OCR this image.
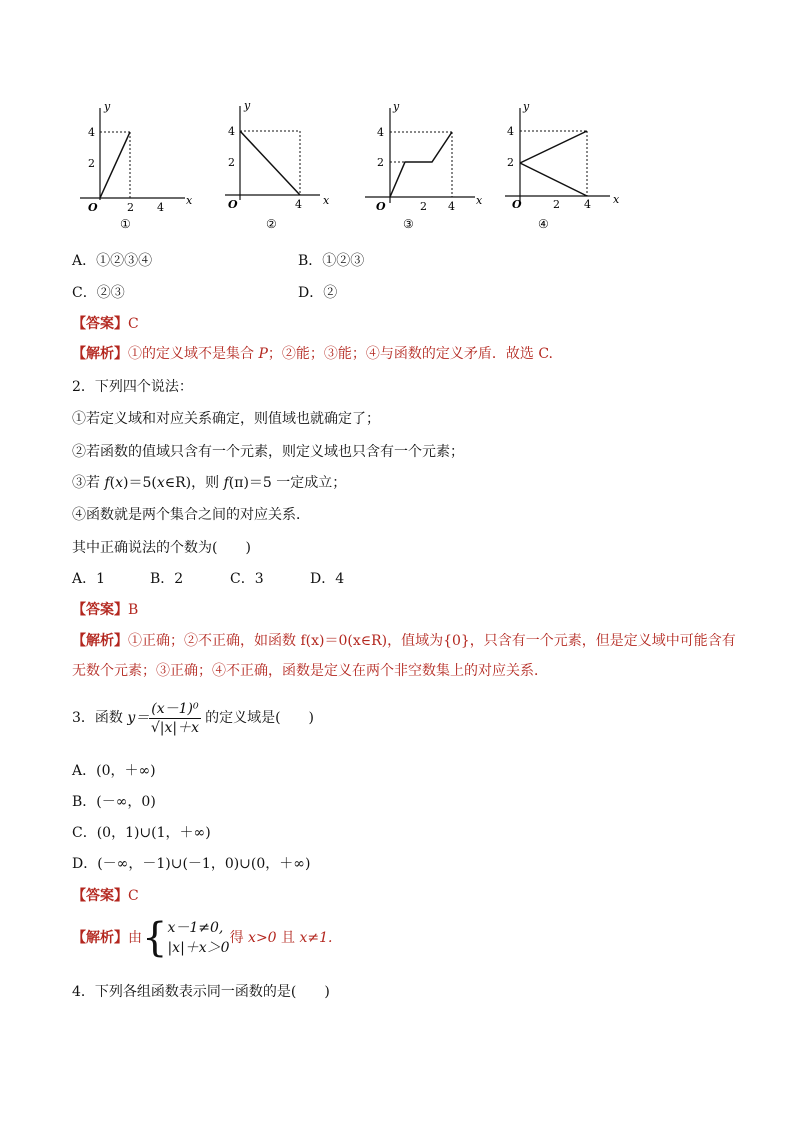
y
x
O
4
2
2 4
①
y
x
O
4
2
4
②
y
x
O
4
2
2 4
③
y
x
O
4
2
2 4
④
A．①②③④	B．①②③
C．②③	D．②
【答案】C
【解析】①的定义域不是集合 P；②能；③能；④与函数的定义矛盾．故选 C.
2．下列四个说法：
①若定义域和对应关系确定，则值域也就确定了；
②若函数的值域只含有一个元素，则定义域也只含有一个元素；
③若 f(x)＝5(x∈R)，则 f(π)＝5 一定成立；
④函数就是两个集合之间的对应关系．
其中正确说法的个数为(　　)
A．1	B．2	C．3	D．4
【答案】B
【解析】①正确；②不正确，如函数 f(x)＝0(x∈R)，值域为{0}，只含有一个元素，但是定义域中可能含有
无数个元素；③正确；④不正确，函数是定义在两个非空数集上的对应关系．
3．函数 $y= \frac{\text{(x－1)⁰}}{√|x|+x}$ 的定义域是(　　)
A．(0，＋∞)
B．(－∞，0)
C．(0，1)∪(1，＋∞)
D．(－∞，－1)∪(－1，0)∪(0，＋∞)
【答案】C
【解析】由{ x－1≠0,
|x|＋x＞0
得 x>0 且 x≠1.
4．下列各组函数表示同一函数的是(　　)
